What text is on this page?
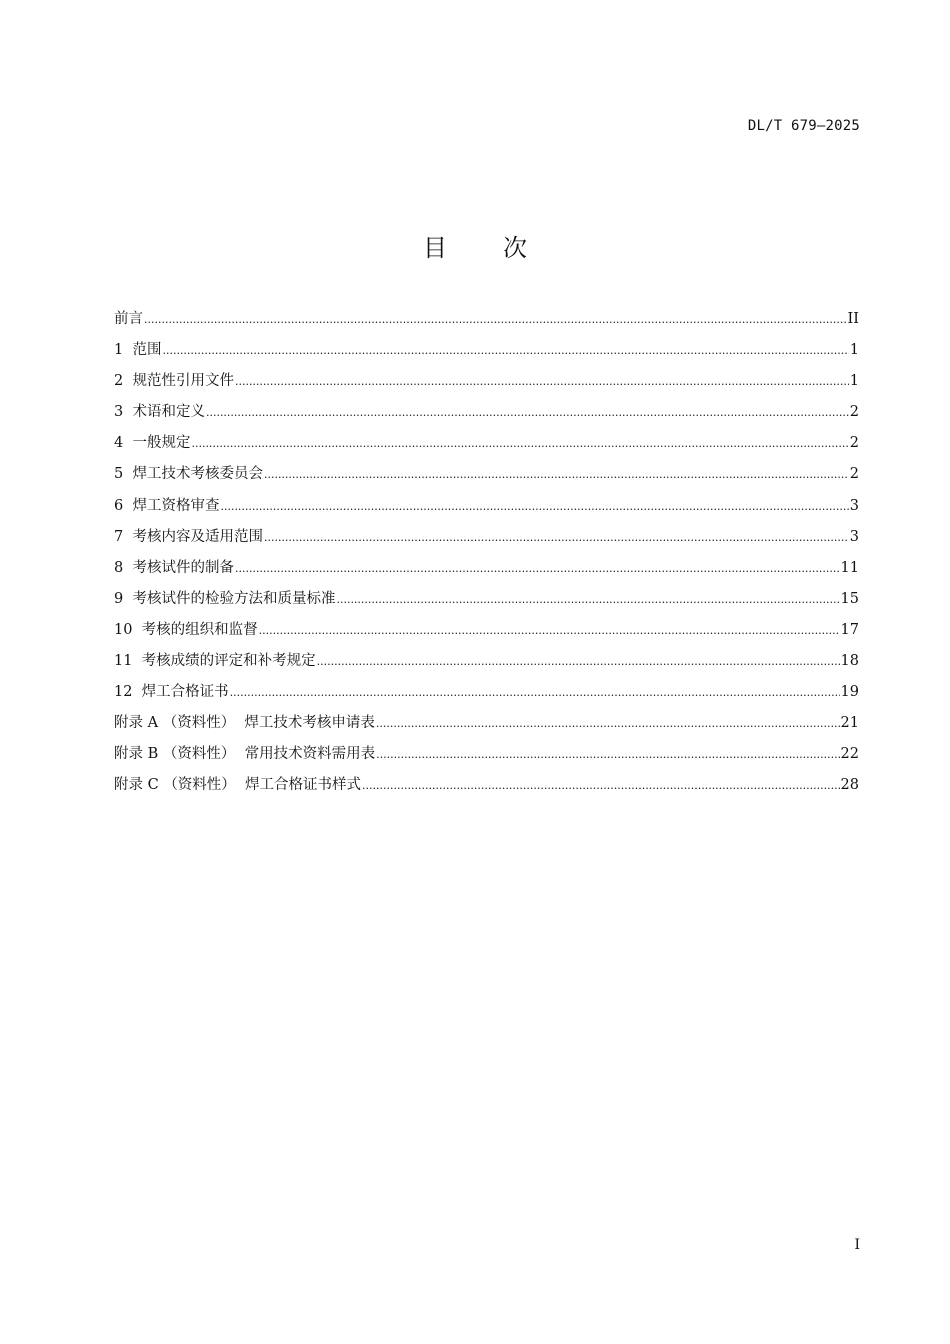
DL/T 679—2025
目次
前言 .....	II
1  范围 .....	1
2  规范性引用文件 .....	1
3  术语和定义 .....	2
4  一般规定 .....	2
5  焊工技术考核委员会 .....	2
6  焊工资格审查 .....	3
7  考核内容及适用范围 .....	3
8  考核试件的制备 .....	11
9  考核试件的检验方法和质量标准 .....	15
10  考核的组织和监督 .....	17
11  考核成绩的评定和补考规定 .....	18
12  焊工合格证书 .....	19
附录 A （资料性）  焊工技术考核申请表 .....	21
附录 B （资料性）  常用技术资料需用表 .....	22
附录 C （资料性）  焊工合格证书样式 .....	28
I
